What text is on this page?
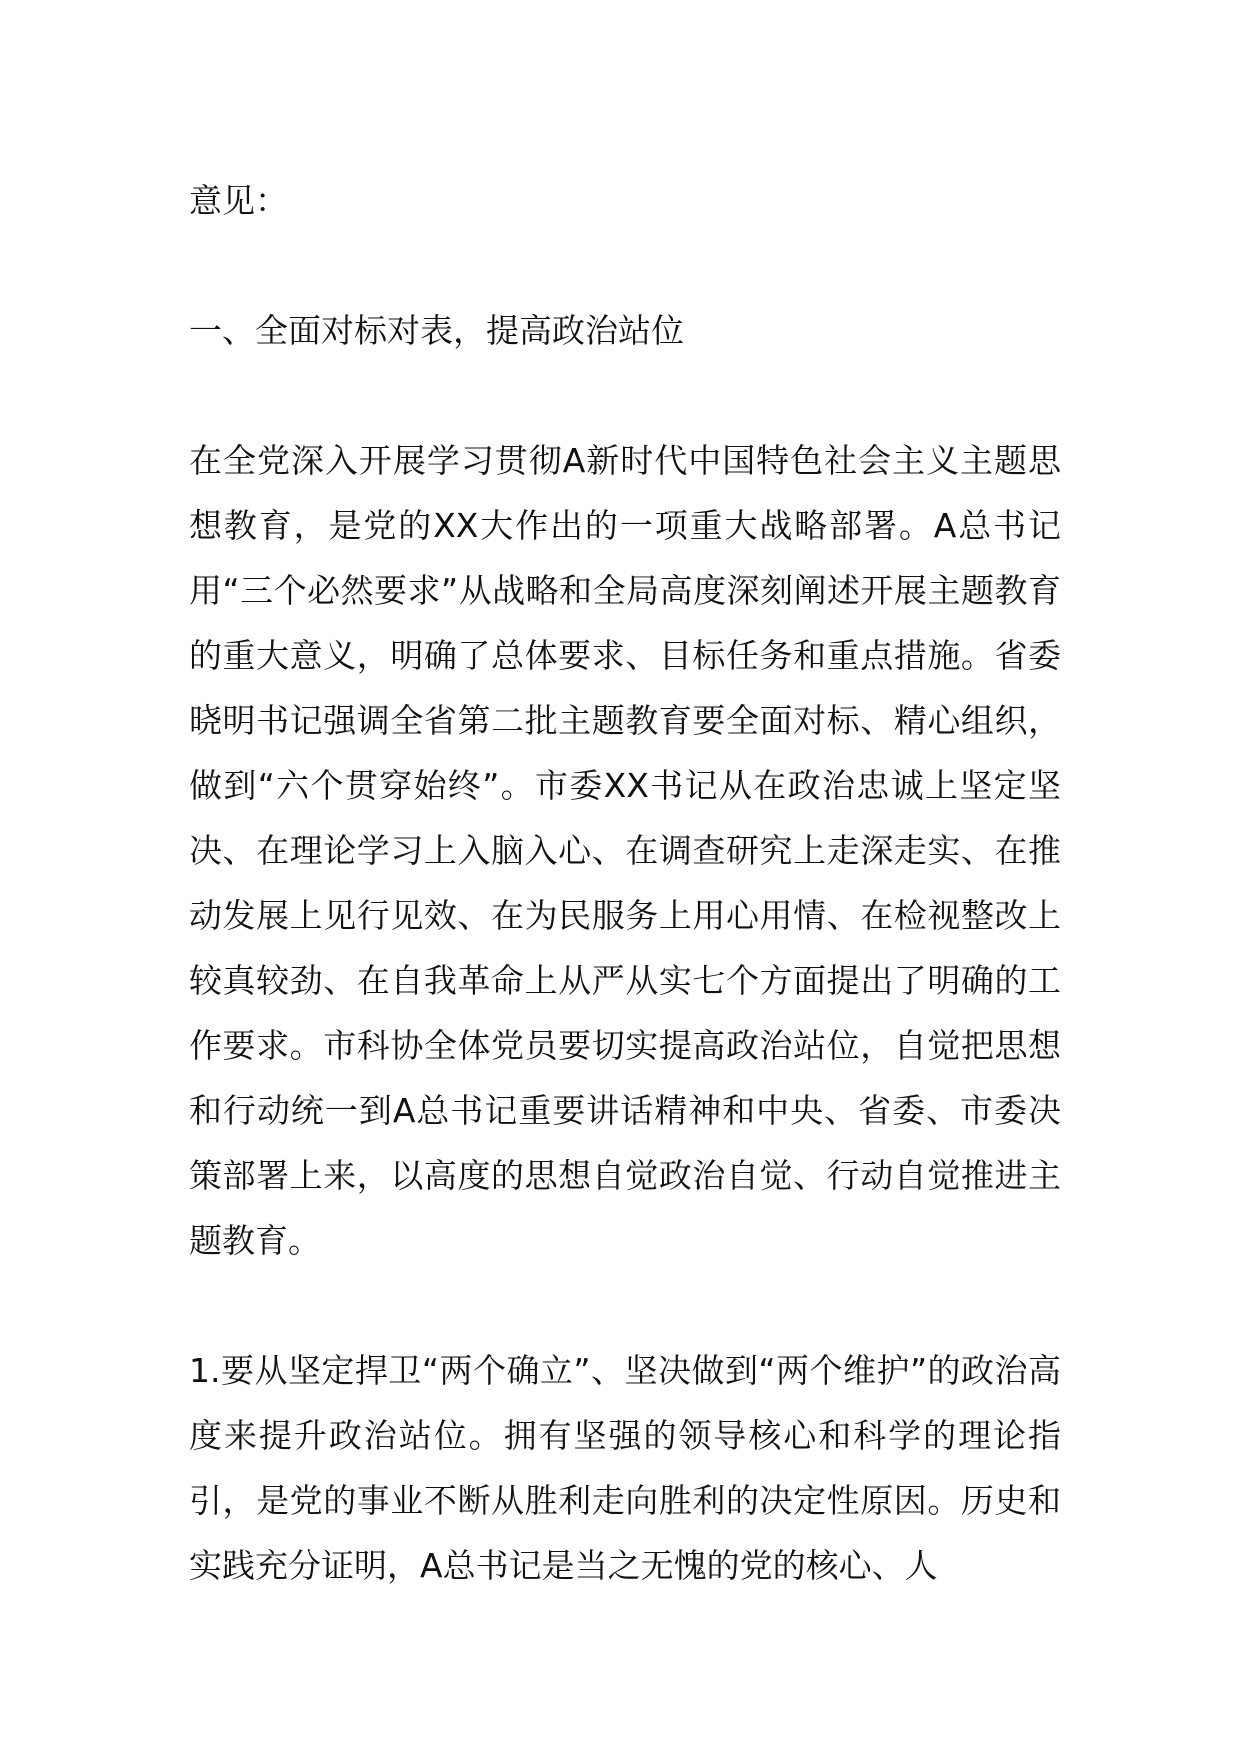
意见：

一、全面对标对表，提高政治站位

在全党深入开展学习贯彻A新时代中国特色社会主义主题思想教育，是党的XX大作出的一项重大战略部署。A总书记用“三个必然要求”从战略和全局高度深刻阐述开展主题教育的重大意义，明确了总体要求、目标任务和重点措施。省委晓明书记强调全省第二批主题教育要全面对标、精心组织，做到“六个贯穿始终”。市委XX书记从在政治忠诚上坚定坚决、在理论学习上入脑入心、在调查研究上走深走实、在推动发展上见行见效、在为民服务上用心用情、在检视整改上较真较劲、在自我革命上从严从实七个方面提出了明确的工作要求。市科协全体党员要切实提高政治站位，自觉把思想和行动统一到A总书记重要讲话精神和中央、省委、市委决策部署上来，以高度的思想自觉政治自觉、行动自觉推进主题教育。

1.要从坚定捍卫“两个确立”、坚决做到“两个维护”的政治高度来提升政治站位。拥有坚强的领导核心和科学的理论指引，是党的事业不断从胜利走向胜利的决定性原因。历史和实践充分证明，A总书记是当之无愧的党的核心、人
